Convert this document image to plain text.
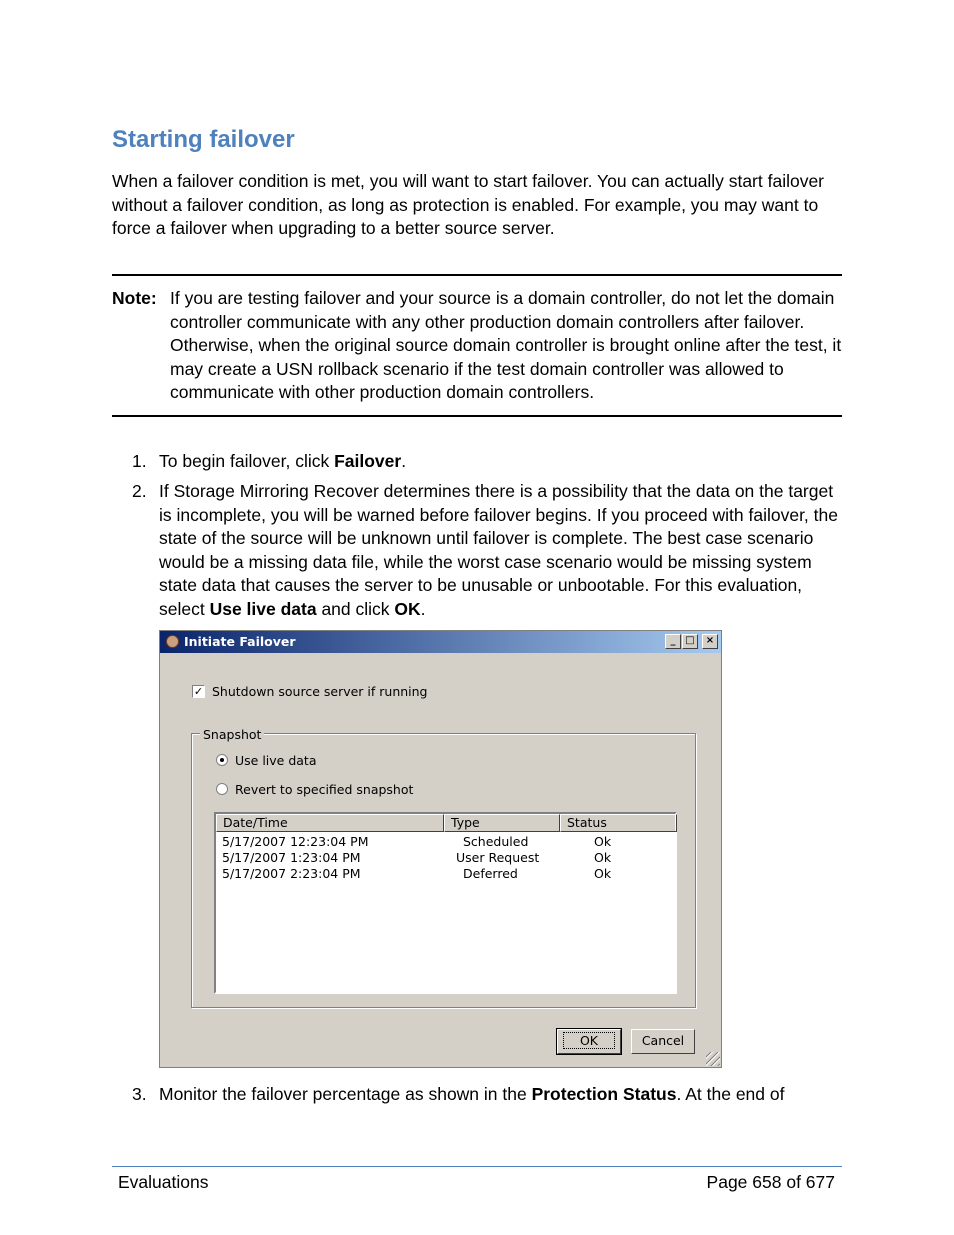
Starting failover

When a failover condition is met, you will want to start failover. You can actually start failover without a failover condition, as long as protection is enabled. For example, you may want to force a failover when upgrading to a better source server.

Note: If you are testing failover and your source is a domain controller, do not let the domain controller communicate with any other production domain controllers after failover. Otherwise, when the original source domain controller is brought online after the test, it may create a USN rollback scenario if the test domain controller was allowed to communicate with other production domain controllers.

1. To begin failover, click Failover.

2. If Storage Mirroring Recover determines there is a possibility that the data on the target is incomplete, you will be warned before failover begins. If you proceed with failover, the state of the source will be unknown until failover is complete. The best case scenario would be a missing data file, while the worst case scenario would be missing system state data that causes the server to be unusable or unbootable. For this evaluation, select Use live data and click OK.

Initiate Failover	_ □	×
✓ Shutdown source server if running
Snapshot
Use live data
Revert to specified snapshot
Date/Time	Type	Status
5/17/2007 12:23:04 PM	Scheduled	Ok
5/17/2007 1:23:04 PM	User Request	Ok
5/17/2007 2:23:04 PM	Deferred	Ok
OK	Cancel
3. Monitor the failover percentage as shown in the Protection Status. At the end of

Evaluations	Page 658 of 677
